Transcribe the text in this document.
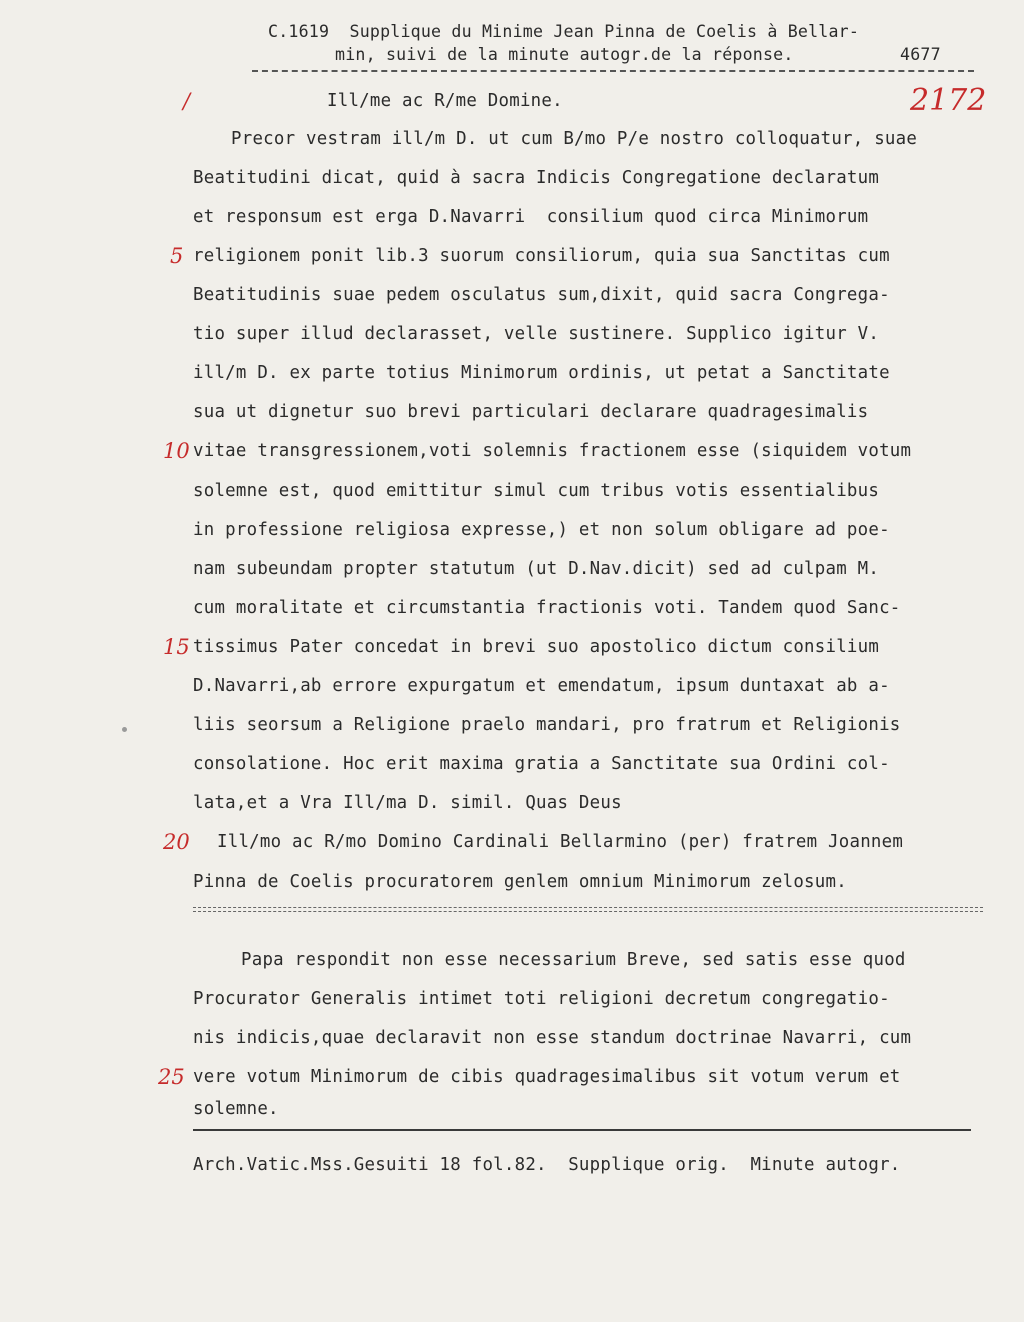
C.1619  Supplique du Minime Jean Pinna de Coelis à Bellar-
min, suivi de la minute autogr.de la réponse.	4677
2172
/
5
10
15
20
25
Ill/me ac R/me Domine.
Precor vestram ill/m D. ut cum B/mo P/e nostro colloquatur, suae
Beatitudini dicat, quid à sacra Indicis Congregatione declaratum
et responsum est erga D.Navarri  consilium quod circa Minimorum
religionem ponit lib.3 suorum consiliorum, quia sua Sanctitas cum
Beatitudinis suae pedem osculatus sum,dixit, quid sacra Congrega-
tio super illud declarasset, velle sustinere. Supplico igitur V.
ill/m D. ex parte totius Minimorum ordinis, ut petat a Sanctitate
sua ut dignetur suo brevi particulari declarare quadragesimalis
vitae transgressionem,voti solemnis fractionem esse (siquidem votum
solemne est, quod emittitur simul cum tribus votis essentialibus
in professione religiosa expresse,) et non solum obligare ad poe-
nam subeundam propter statutum (ut D.Nav.dicit) sed ad culpam M.
cum moralitate et circumstantia fractionis voti. Tandem quod Sanc-
tissimus Pater concedat in brevi suo apostolico dictum consilium
D.Navarri,ab errore expurgatum et emendatum, ipsum duntaxat ab a-
liis seorsum a Religione praelo mandari, pro fratrum et Religionis
consolatione. Hoc erit maxima gratia a Sanctitate sua Ordini col-
lata,et a Vra Ill/ma D. simil. Quas Deus
Ill/mo ac R/mo Domino Cardinali Bellarmino (per) fratrem Joannem
Pinna de Coelis procuratorem genlem omnium Minimorum zelosum.
Papa respondit non esse necessarium Breve, sed satis esse quod
Procurator Generalis intimet toti religioni decretum congregatio-
nis indicis,quae declaravit non esse standum doctrinae Navarri, cum
vere votum Minimorum de cibis quadragesimalibus sit votum verum et
solemne.
Arch.Vatic.Mss.Gesuiti 18 fol.82.  Supplique orig.  Minute autogr.
